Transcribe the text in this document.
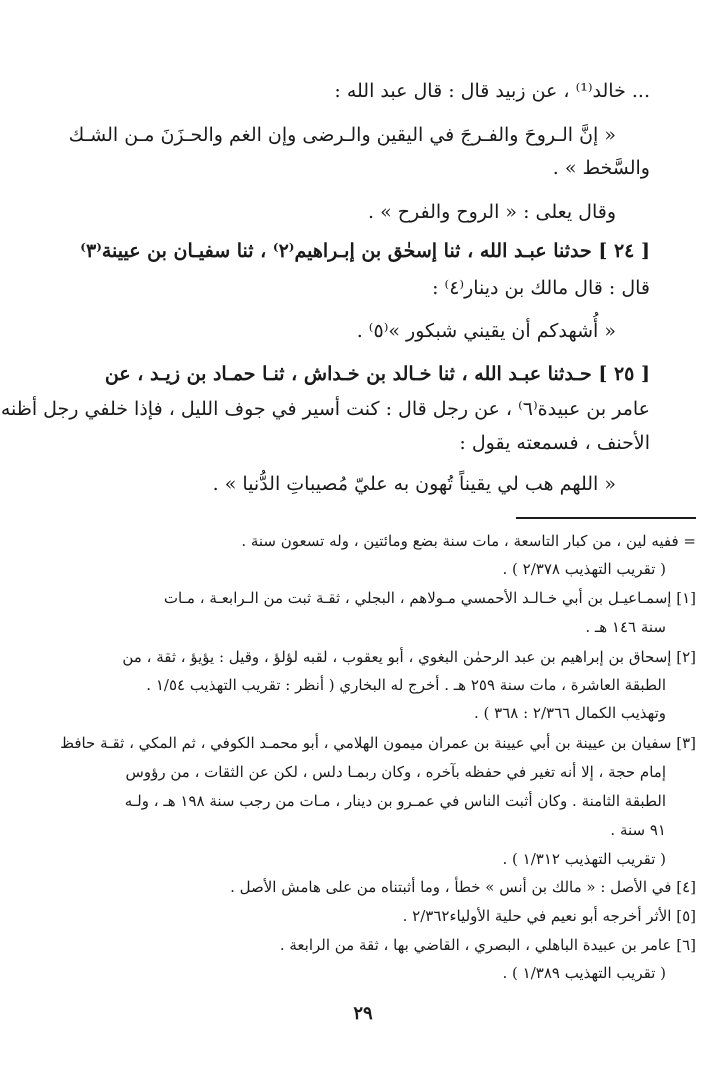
... خالد⁽¹⁾ ، عن زبيد قال : قال عبد الله :
« إنَّ الـروحَ والفـرجَ في اليقين والـرضى وإن الغم والحـزَنَ مـن الشـك
والسَّخط » .
وقال يعلى : « الروح والفرح » .
[ ٢٤ ] حدثنا عبـد الله ، ثنا إسحٰق بن إبـراهيم⁽٢⁾ ، ثنا سفيـان بن عيينة⁽٣⁾
قال : قال مالك بن دينار⁽٤⁾ :
« أُشهدكم أن يقيني شبكور »⁽٥⁾ .
[ ٢٥ ] حـدثنا عبـد الله ، ثنا خـالد بن خـداش ، ثنـا حمـاد بن زيـد ، عن
عامر بن عبيدة⁽٦⁾ ، عن رجل قال : كنت أسير في جوف الليل ، فإذا خلفي رجل أظنه
الأحنف ، فسمعته يقول :
« اللهم هب لي يقيناً تُهون به عليّ مُصيباتِ الدُّنيا » .
= ففيه لين ، من كبار التاسعة ، مات سنة بضع ومائتين ، وله تسعون سنة .
( تقريب التهذيب ٢/٣٧٨ ) .
[١] إسمـاعيـل بن أبي خـالـد الأحمسي مـولاهم ، البجلي ، ثقـة ثبت من الـرابعـة ، مـات
سنة ١٤٦ هـ .
[٢] إسحاق بن إبراهيم بن عبد الرحمٰن البغوي ، أبو يعقوب ، لقبه لؤلؤ ، وقيل : يؤيؤ ، ثقة ، من
الطبقة العاشرة ، مات سنة ٢٥٩ هـ . أخرج له البخاري ( أنظر : تقريب التهذيب ١/٥٤ .
وتهذيب الكمال ٢/٣٦٦ : ٣٦٨ ) .
[٣] سفيان بن عيينة بن أبي عيينة بن عمران ميمون الهلامي ، أبو محمـد الكوفي ، ثم المكي ، ثقـة حافظ
إمام حجة ، إلا أنه تغير في حفظه بآخره ، وكان ربمـا دلس ، لكن عن الثقات ، من رؤوس
الطبقة الثامنة . وكان أثبت الناس في عمـرو بن دينار ، مـات من رجب سنة ١٩٨ هـ ، ولـه
٩١ سنة .
( تقريب التهذيب ١/٣١٢ ) .
[٤] في الأصل : « مالك بن أنس » خطأ ، وما أثبتناه من على هامش الأصل .
[٥] الأثر أخرجه أبو نعيم في حلية الأولياء٢/٣٦٢ .
[٦] عامر بن عبيدة الباهلي ، البصري ، القاضي بها ، ثقة من الرابعة .
( تقريب التهذيب ١/٣٨٩ ) .
٢٩
